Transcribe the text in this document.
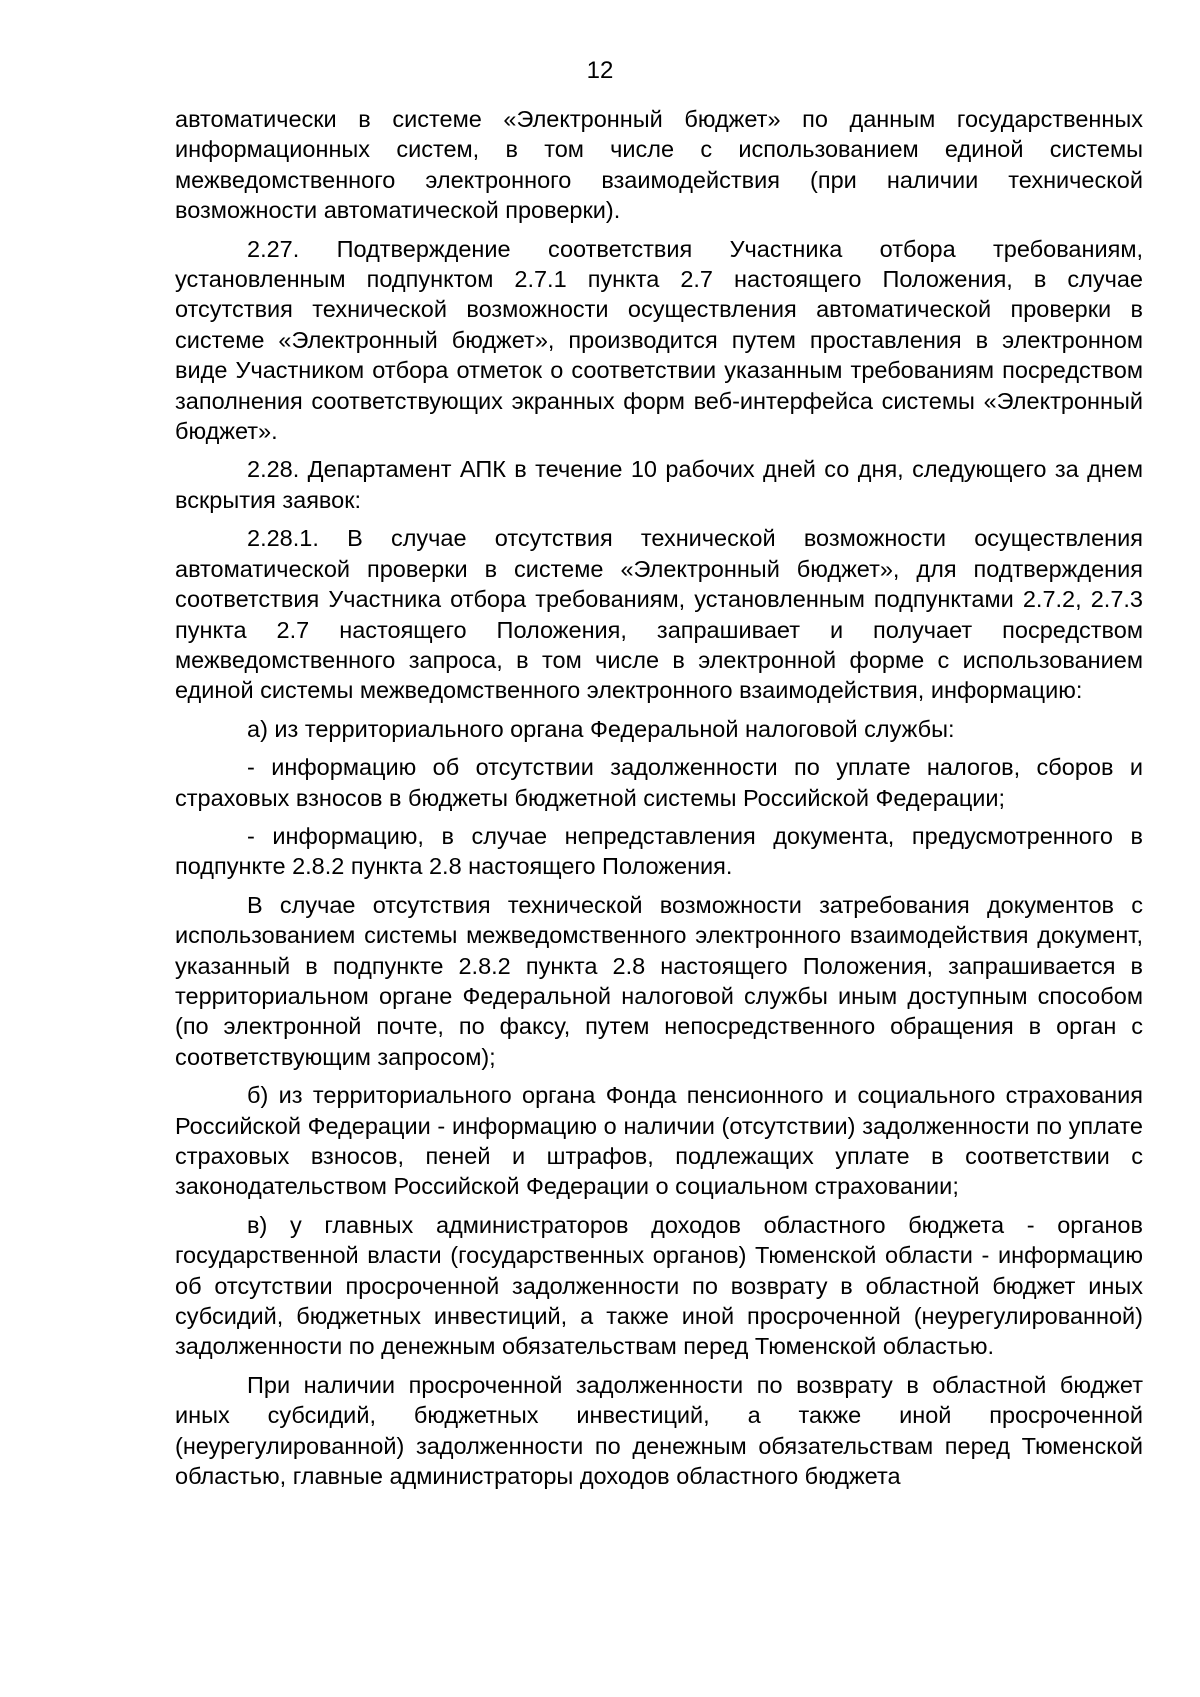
12

автоматически в системе «Электронный бюджет» по данным государственных информационных систем, в том числе с использованием единой системы межведомственного электронного взаимодействия (при наличии технической возможности автоматической проверки).

2.27. Подтверждение соответствия Участника отбора требованиям, установленным подпунктом 2.7.1 пункта 2.7 настоящего Положения, в случае отсутствия технической возможности осуществления автоматической проверки в системе «Электронный бюджет», производится путем проставления в электронном виде Участником отбора отметок о соответствии указанным требованиям посредством заполнения соответствующих экранных форм веб-интерфейса системы «Электронный бюджет».

2.28. Департамент АПК в течение 10 рабочих дней со дня, следующего за днем вскрытия заявок:

2.28.1. В случае отсутствия технической возможности осуществления автоматической проверки в системе «Электронный бюджет», для подтверждения соответствия Участника отбора требованиям, установленным подпунктами 2.7.2, 2.7.3 пункта 2.7 настоящего Положения, запрашивает и получает посредством межведомственного запроса, в том числе в электронной форме с использованием единой системы межведомственного электронного взаимодействия, информацию:

а) из территориального органа Федеральной налоговой службы:

- информацию об отсутствии задолженности по уплате налогов, сборов и страховых взносов в бюджеты бюджетной системы Российской Федерации;

- информацию, в случае непредставления документа, предусмотренного в подпункте 2.8.2 пункта 2.8 настоящего Положения.

В случае отсутствия технической возможности затребования документов с использованием системы межведомственного электронного взаимодействия документ, указанный в подпункте 2.8.2 пункта 2.8 настоящего Положения, запрашивается в территориальном органе Федеральной налоговой службы иным доступным способом (по электронной почте, по факсу, путем непосредственного обращения в орган с соответствующим запросом);

б) из территориального органа Фонда пенсионного и социального страхования Российской Федерации - информацию о наличии (отсутствии) задолженности по уплате страховых взносов, пеней и штрафов, подлежащих уплате в соответствии с законодательством Российской Федерации о социальном страховании;

в) у главных администраторов доходов областного бюджета - органов государственной власти (государственных органов) Тюменской области - информацию об отсутствии просроченной задолженности по возврату в областной бюджет иных субсидий, бюджетных инвестиций, а также иной просроченной (неурегулированной) задолженности по денежным обязательствам перед Тюменской областью.

При наличии просроченной задолженности по возврату в областной бюджет иных субсидий, бюджетных инвестиций, а также иной просроченной (неурегулированной) задолженности по денежным обязательствам перед Тюменской областью, главные администраторы доходов областного бюджета
